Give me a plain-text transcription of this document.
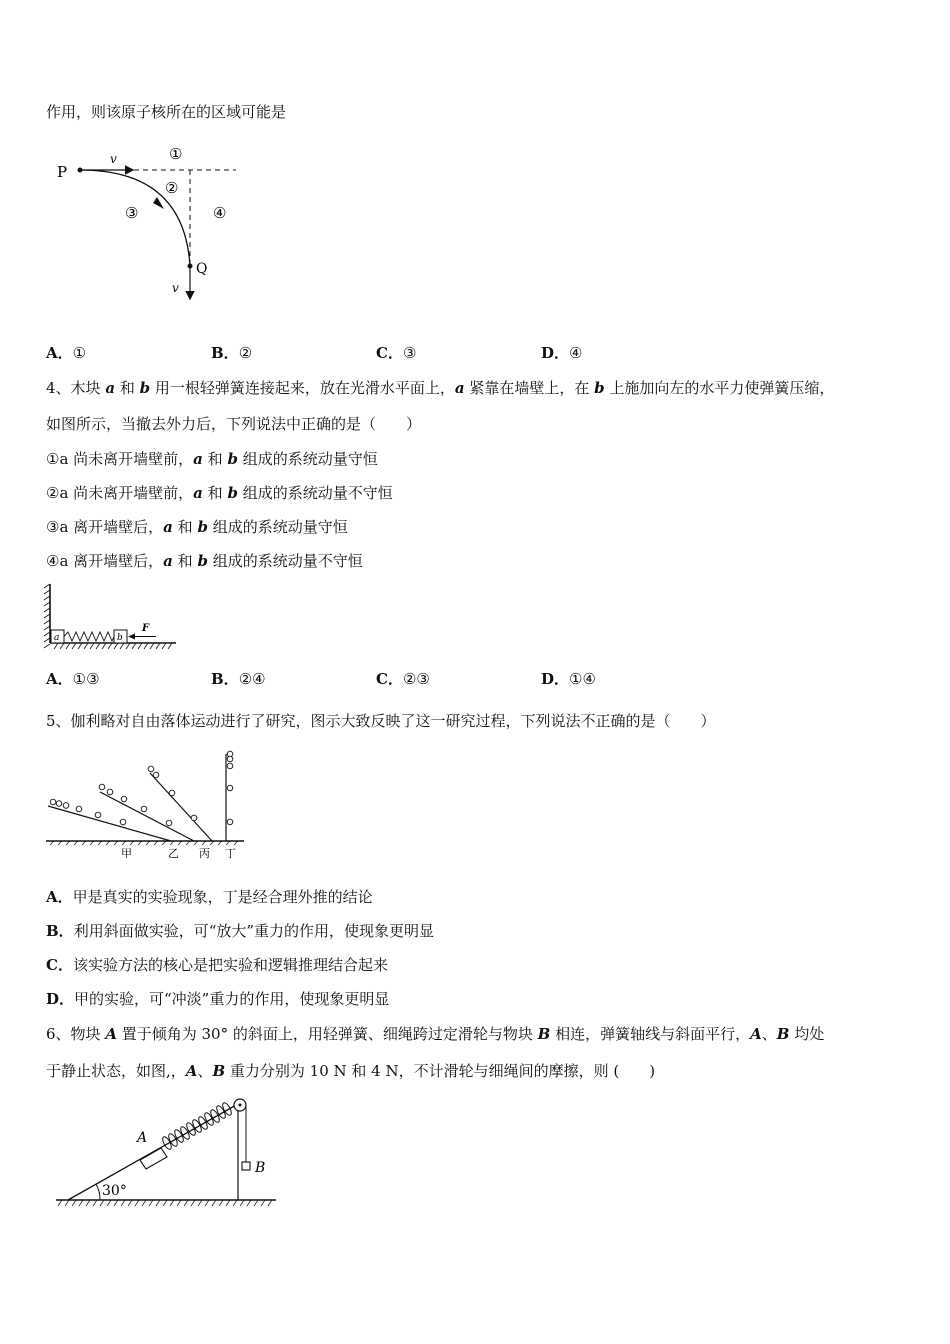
作用，则该原子核所在的区域可能是
P
Q
v
v
①
②
③	④
A．①	B．②	C．③	D．④
4、木块 a 和 b 用一根轻弹簧连接起来，放在光滑水平面上，a 紧靠在墙壁上，在 b 上施加向左的水平力使弹簧压缩，
如图所示，当撤去外力后，下列说法中正确的是（　　）
①a 尚未离开墙壁前，a 和 b 组成的系统动量守恒
②a 尚未离开墙壁前，a 和 b 组成的系统动量不守恒
③a 离开墙壁后，a 和 b 组成的系统动量守恒
④a 离开墙壁后，a 和 b 组成的系统动量不守恒
a	b
F
A．①③	B．②④	C．②③	D．①④
5、伽利略对自由落体运动进行了研究，图示大致反映了这一研究过程，下列说法不正确的是（　　）
甲	乙 丙 丁
A．甲是真实的实验现象，丁是经合理外推的结论
B．利用斜面做实验，可“放大”重力的作用，使现象更明显
C．该实验方法的核心是把实验和逻辑推理结合起来
D．甲的实验，可“冲淡”重力的作用，使现象更明显
6、物块 A 置于倾角为 30° 的斜面上，用轻弹簧、细绳跨过定滑轮与物块 B 相连，弹簧轴线与斜面平行，A、B 均处
于静止状态，如图,，A、B 重力分别为 10 N 和 4 N，不计滑轮与细绳间的摩擦，则 (　　)
A
B
30°
